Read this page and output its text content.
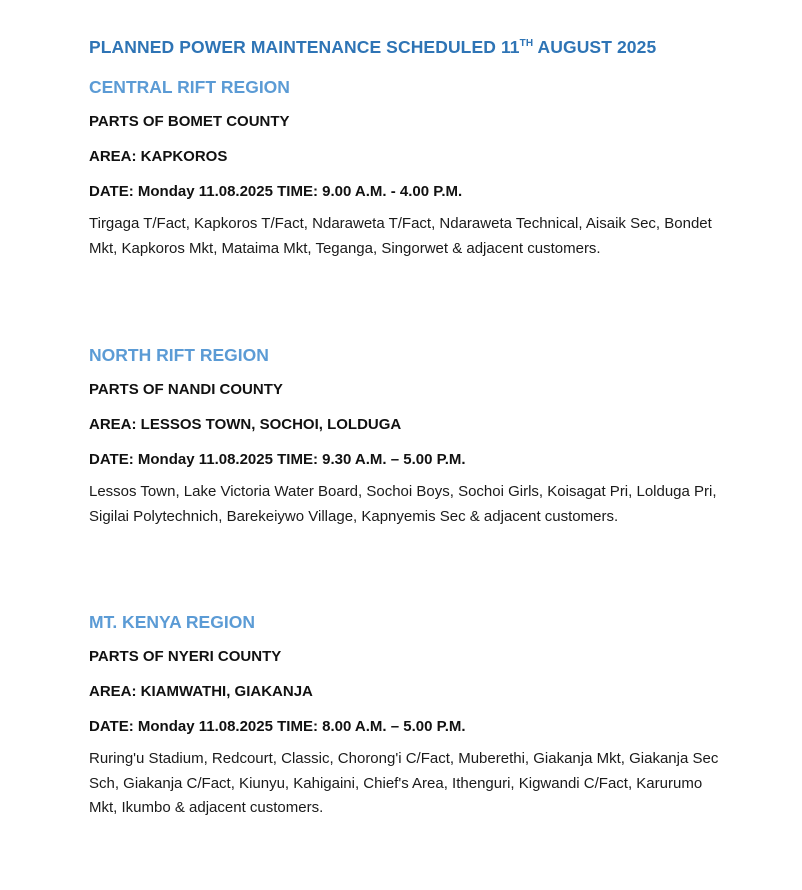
PLANNED POWER MAINTENANCE SCHEDULED 11TH AUGUST 2025
CENTRAL RIFT REGION

PARTS OF BOMET COUNTY

AREA: KAPKOROS

DATE: Monday 11.08.2025 TIME: 9.00 A.M. - 4.00 P.M.

Tirgaga T/Fact, Kapkoros T/Fact, Ndaraweta T/Fact, Ndaraweta Technical, Aisaik Sec, Bondet Mkt, Kapkoros Mkt, Mataima Mkt, Teganga, Singorwet & adjacent customers.

NORTH RIFT REGION

PARTS OF NANDI COUNTY

AREA: LESSOS TOWN, SOCHOI, LOLDUGA

DATE: Monday 11.08.2025 TIME: 9.30 A.M. – 5.00 P.M.

Lessos Town, Lake Victoria Water Board, Sochoi Boys, Sochoi Girls, Koisagat Pri, Lolduga Pri, Sigilai Polytechnich, Barekeiywo Village, Kapnyemis Sec & adjacent customers.

MT. KENYA REGION

PARTS OF NYERI COUNTY

AREA: KIAMWATHI, GIAKANJA

DATE: Monday 11.08.2025 TIME: 8.00 A.M. – 5.00 P.M.

Ruring'u Stadium, Redcourt, Classic, Chorong'i C/Fact, Muberethi, Giakanja Mkt, Giakanja Sec Sch, Giakanja C/Fact, Kiunyu, Kahigaini, Chief's Area, Ithenguri, Kigwandi C/Fact, Karurumo Mkt, Ikumbo & adjacent customers.
